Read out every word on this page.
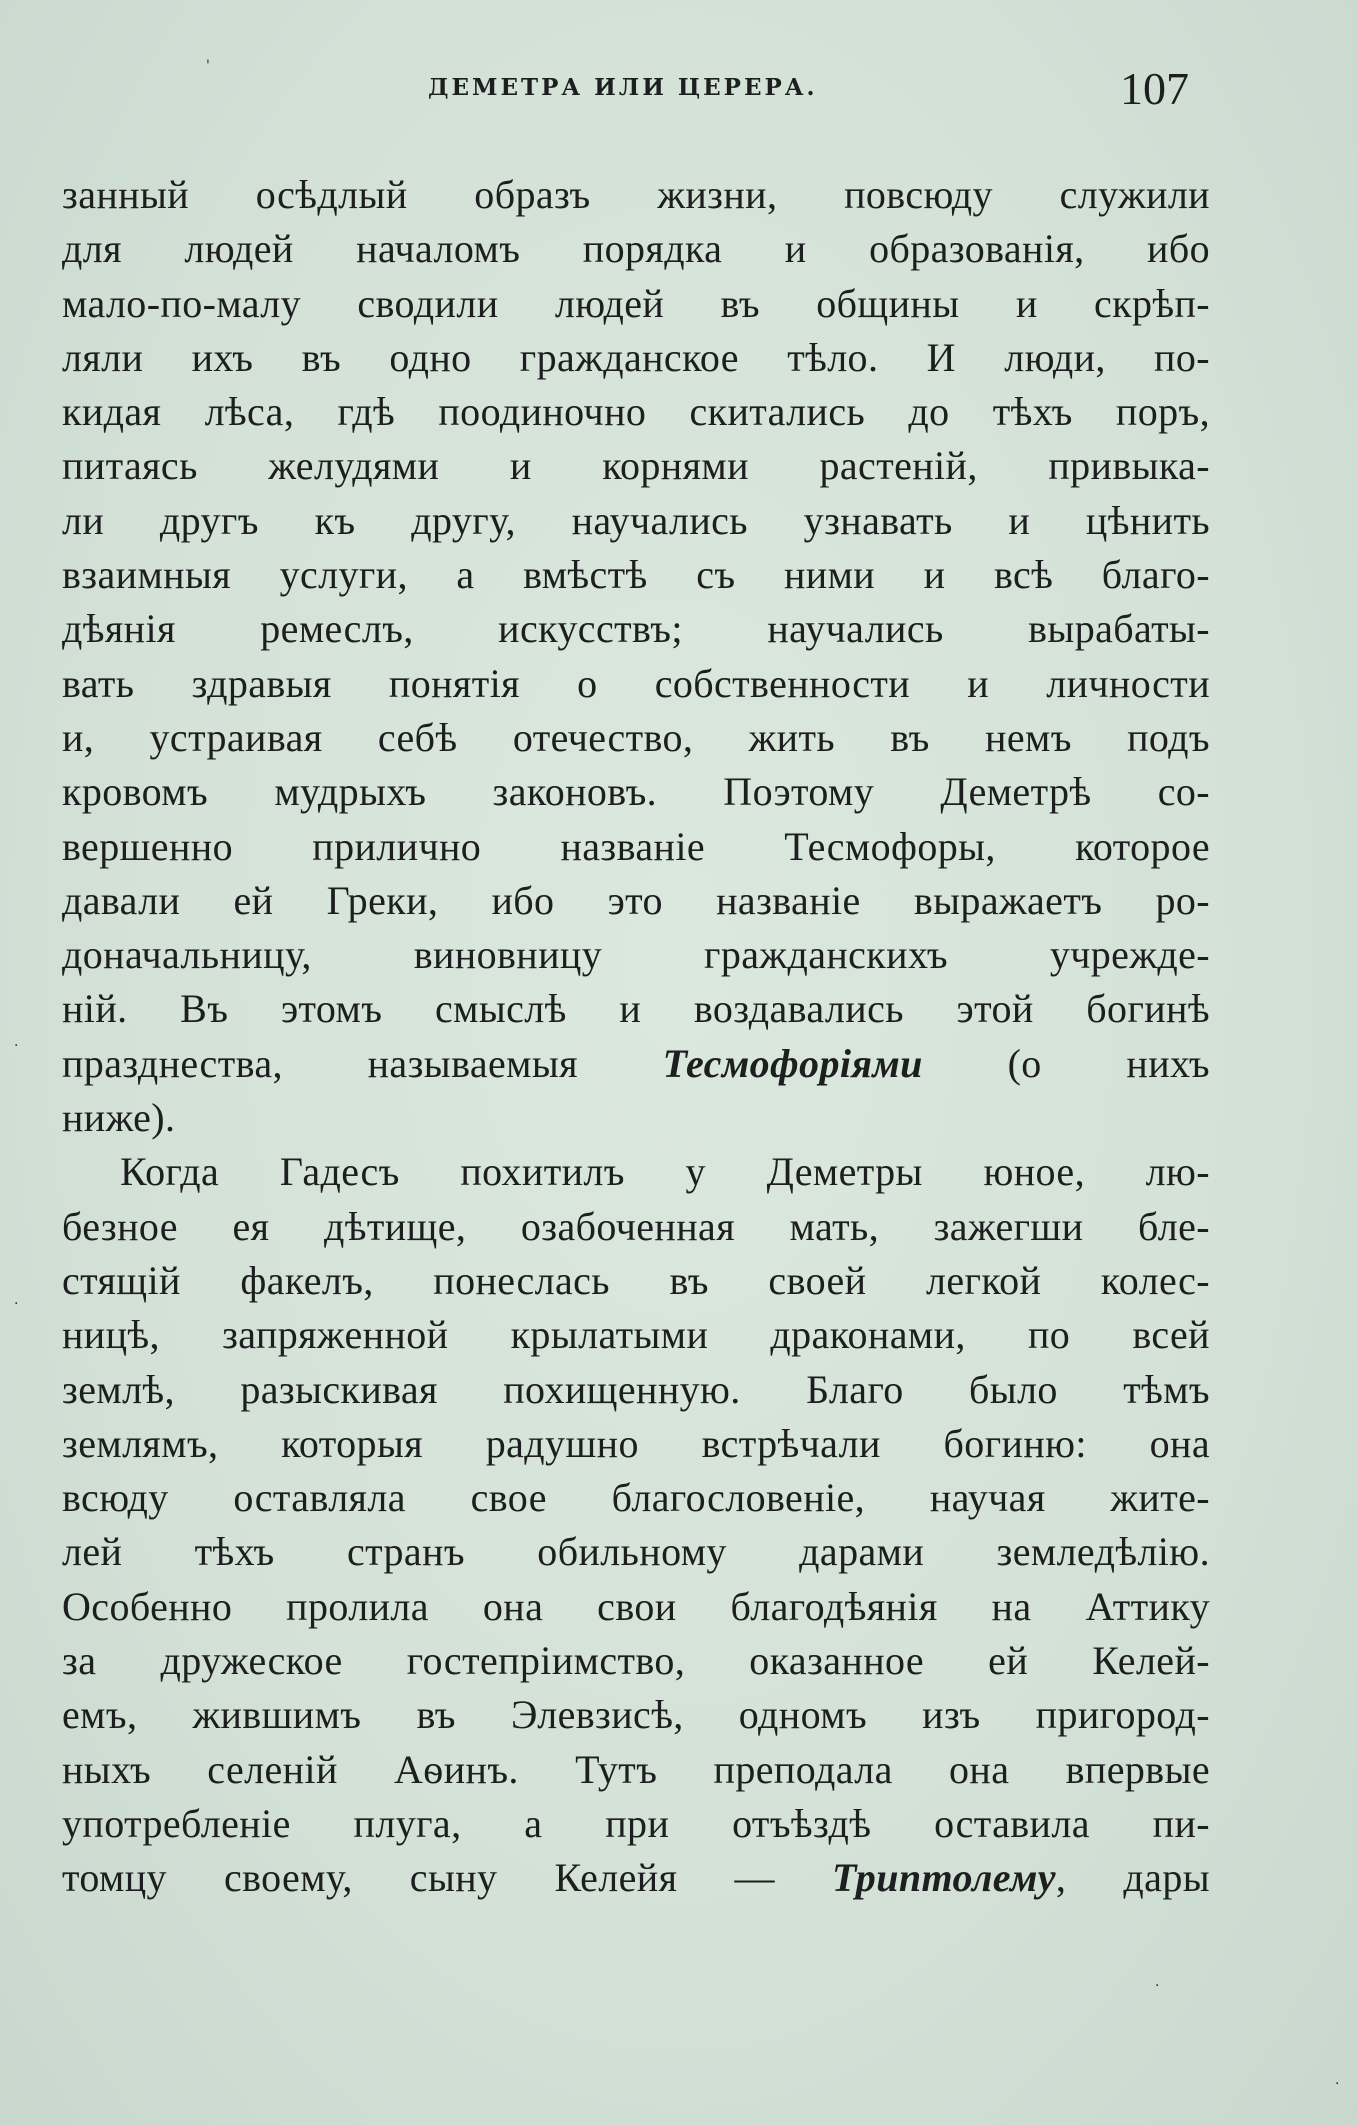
ДЕМЕТРА ИЛИ ЦЕРЕРА.	107
занный осѣдлый образъ жизни, повсюду служили
для людей началомъ порядка и образованія, ибо
мало-по-малу сводили людей въ общины и скрѣп-
ляли ихъ въ одно гражданское тѣло. И люди, по-
кидая лѣса, гдѣ поодиночно скитались до тѣхъ поръ,
питаясь желудями и корнями растеній, привыка-
ли другъ къ другу, научались узнавать и цѣнить
взаимныя услуги, а вмѣстѣ съ ними и всѣ благо-
дѣянія ремеслъ, искусствъ; научались вырабаты-
вать здравыя понятія о собственности и личности
и, устраивая себѣ отечество, жить въ немъ подъ
кровомъ мудрыхъ законовъ. Поэтому Деметрѣ со-
вершенно прилично названіе Тесмофоры, которое
давали ей Греки, ибо это названіе выражаетъ ро-
доначальницу, виновницу гражданскихъ учрежде-
ній. Въ этомъ смыслѣ и воздавались этой богинѣ
празднества, называемыя Тесмофоріями (о нихъ
ниже).
Когда Гадесъ похитилъ у Деметры юное, лю-
безное ея дѣтище, озабоченная мать, зажегши бле-
стящій факелъ, понеслась въ своей легкой колес-
ницѣ, запряженной крылатыми драконами, по всей
землѣ, разыскивая похищенную. Благо было тѣмъ
землямъ, которыя радушно встрѣчали богиню: она
всюду оставляла свое благословеніе, научая жите-
лей тѣхъ странъ обильному дарами земледѣлію.
Особенно пролила она свои благодѣянія на Аттику
за дружеское гостепріимство, оказанное ей Келей-
емъ, жившимъ въ Элевзисѣ, одномъ изъ пригород-
ныхъ селеній Аѳинъ. Тутъ преподала она впервые
употребленіе плуга, а при отъѣздѣ оставила пи-
томцу своему, сыну Келейя — Триптолему, дары
'
·
·
·
·
